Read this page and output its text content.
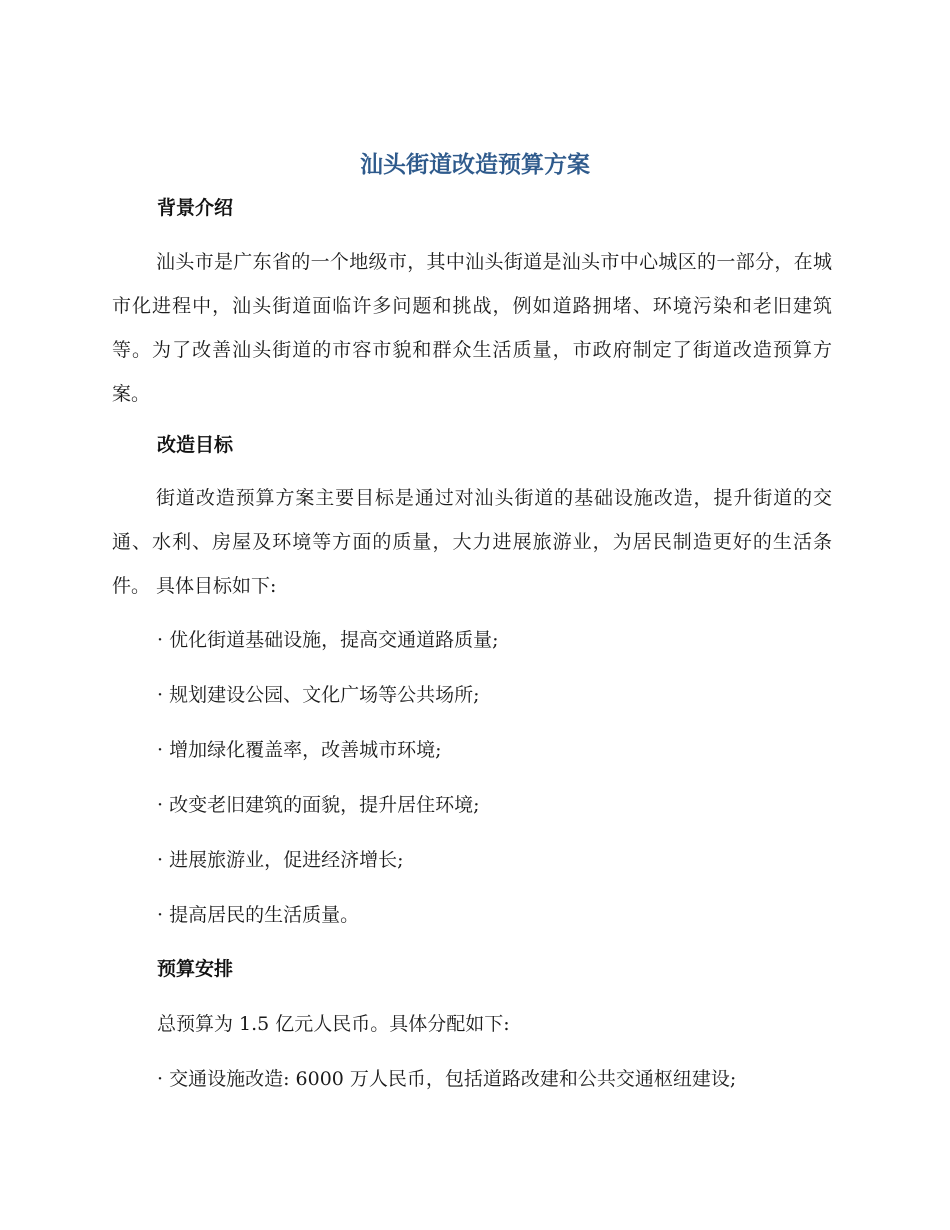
汕头街道改造预算方案
背景介绍

汕头市是广东省的一个地级市，其中汕头街道是汕头市中心城区的一部分，在城市化进程中，汕头街道面临许多问题和挑战，例如道路拥堵、环境污染和老旧建筑等。为了改善汕头街道的市容市貌和群众生活质量，市政府制定了街道改造预算方案。

改造目标

街道改造预算方案主要目标是通过对汕头街道的基础设施改造，提升街道的交通、水利、房屋及环境等方面的质量，大力进展旅游业，为居民制造更好的生活条件。 具体目标如下:

· 优化街道基础设施，提高交通道路质量;
· 规划建设公园、文化广场等公共场所;
· 增加绿化覆盖率，改善城市环境;
· 改变老旧建筑的面貌，提升居住环境;
· 进展旅游业，促进经济增长;
· 提高居民的生活质量。
预算安排
总预算为 1.5 亿元人民币。具体分配如下:
· 交通设施改造: 6000 万人民币，包括道路改建和公共交通枢纽建设;
